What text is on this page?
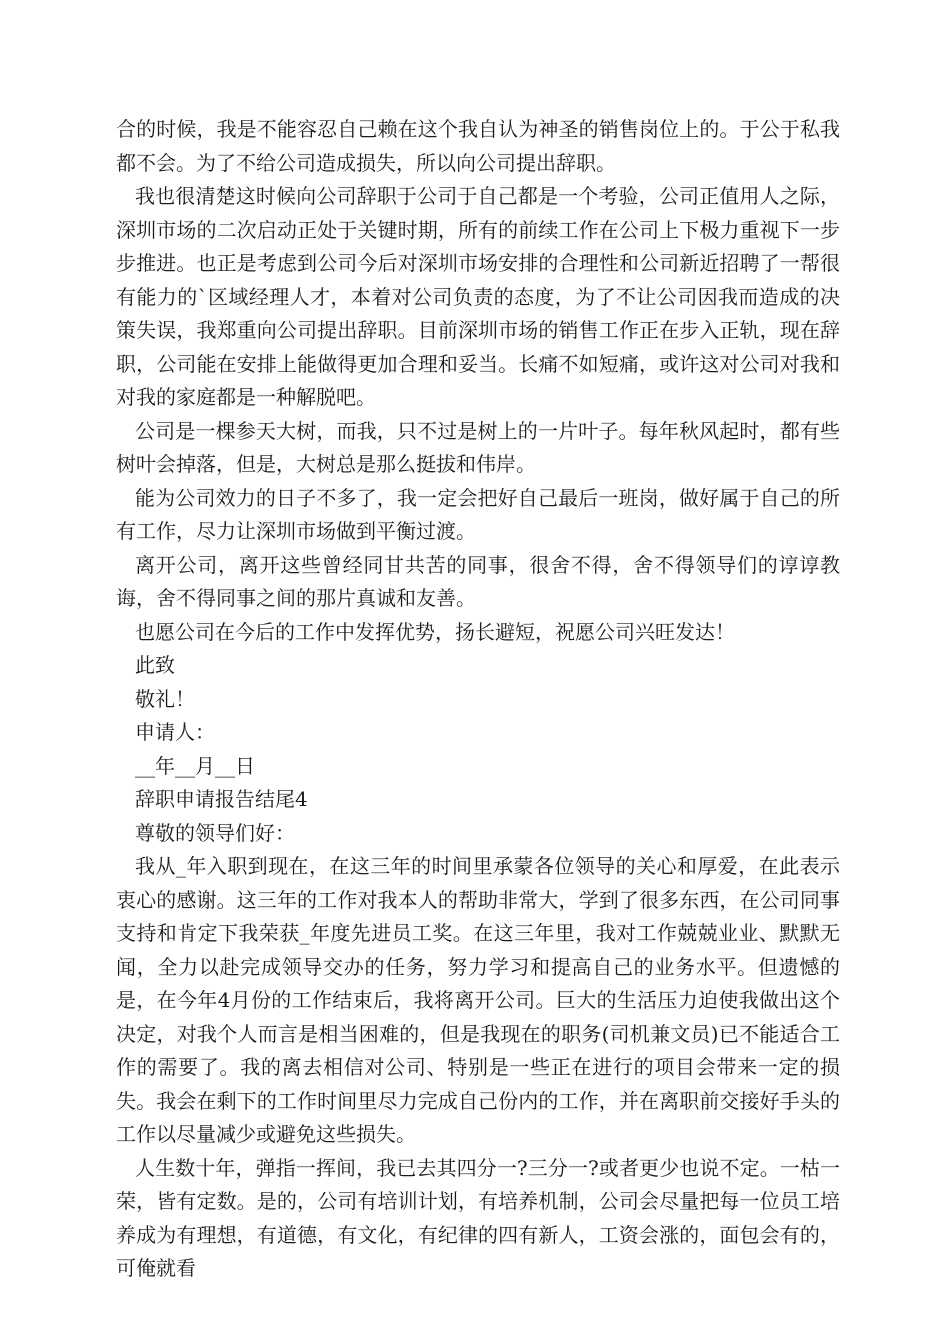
合的时候，我是不能容忍自己赖在这个我自认为神圣的销售岗位上的。于公于私我都不会。为了不给公司造成损失，所以向公司提出辞职。

我也很清楚这时候向公司辞职于公司于自己都是一个考验，公司正值用人之际，深圳市场的二次启动正处于关键时期，所有的前续工作在公司上下极力重视下一步步推进。也正是考虑到公司今后对深圳市场安排的合理性和公司新近招聘了一帮很有能力的`区域经理人才，本着对公司负责的态度，为了不让公司因我而造成的决策失误，我郑重向公司提出辞职。目前深圳市场的销售工作正在步入正轨，现在辞职，公司能在安排上能做得更加合理和妥当。长痛不如短痛，或许这对公司对我和对我的家庭都是一种解脱吧。

公司是一棵参天大树，而我，只不过是树上的一片叶子。每年秋风起时，都有些树叶会掉落，但是，大树总是那么挺拔和伟岸。

能为公司效力的日子不多了，我一定会把好自己最后一班岗，做好属于自己的所有工作，尽力让深圳市场做到平衡过渡。

离开公司，离开这些曾经同甘共苦的同事，很舍不得，舍不得领导们的谆谆教诲，舍不得同事之间的那片真诚和友善。

也愿公司在今后的工作中发挥优势，扬长避短，祝愿公司兴旺发达！

此致

敬礼！

申请人：

__年__月__日

辞职申请报告结尾4

尊敬的领导们好：

我从_年入职到现在，在这三年的时间里承蒙各位领导的关心和厚爱，在此表示衷心的感谢。这三年的工作对我本人的帮助非常大，学到了很多东西，在公司同事支持和肯定下我荣获_年度先进员工奖。在这三年里，我对工作兢兢业业、默默无闻，全力以赴完成领导交办的任务，努力学习和提高自己的业务水平。但遗憾的是，在今年4月份的工作结束后，我将离开公司。巨大的生活压力迫使我做出这个决定，对我个人而言是相当困难的，但是我现在的职务(司机兼文员)已不能适合工作的需要了。我的离去相信对公司、特别是一些正在进行的项目会带来一定的损失。我会在剩下的工作时间里尽力完成自己份内的工作，并在离职前交接好手头的工作以尽量减少或避免这些损失。

人生数十年，弹指一挥间，我已去其四分一?三分一?或者更少也说不定。一枯一荣，皆有定数。是的，公司有培训计划，有培养机制，公司会尽量把每一位员工培养成为有理想，有道德，有文化，有纪律的四有新人，工资会涨的，面包会有的，可俺就看
